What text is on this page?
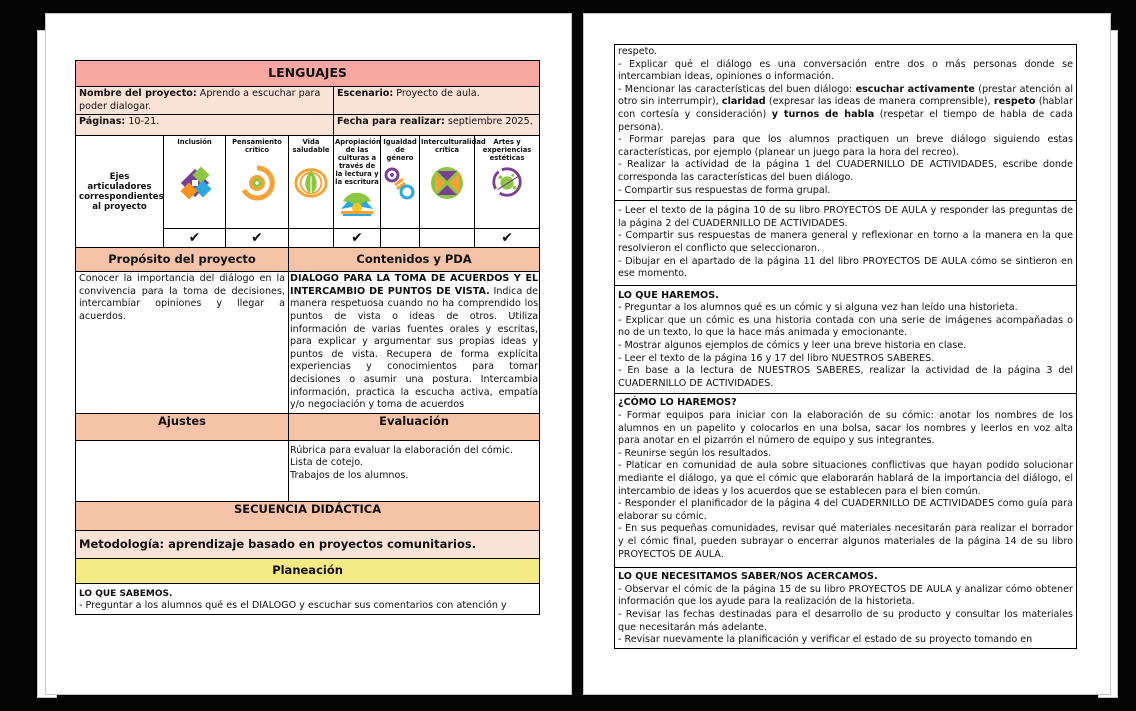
LENGUAJES							
Nombre del proyecto: Aprendo a escuchar para poder dialogar.				Escenario: Proyecto de aula.			
Páginas: 10-21.				Fecha para realizar: septiembre 2025.			
Ejes articuladores correspondientes al proyecto	Inclusión	Pensamiento crítico	Vida saludable	Apropiación de las culturas a través de la lectura y la escritura	Igualdad de género	Interculturalidad crítica	Artes y experiencias estéticas

	✔	✔		✔			✔
Propósito del proyecto			Contenidos y PDA				
Conocer la importancia del diálogo en la convivencia para la toma de decisiones, intercambiar opiniones y llegar a acuerdos.			DIALOGO PARA LA TOMA DE ACUERDOS Y EL INTERCAMBIO DE PUNTOS DE VISTA. Indica de manera respetuosa cuando no ha comprendido los puntos de vista o ideas de otros. Utiliza información de varias fuentes orales y escritas, para explicar y argumentar sus propias ideas y puntos de vista. Recupera de forma explícita experiencias y conocimientos para tomar decisiones o asumir una postura. Intercambia información, practica la escucha activa, empatía y/o negociación y toma de acuerdos				
Ajustes			Evaluación				

			Rúbrica para evaluar la elaboración del cómic.
Lista de cotejo.
Trabajos de los alumnos.				

SECUENCIA DIDÁCTICA							
Metodología: aprendizaje basado en proyectos comunitarios.							
Planeación							

LO QUE SABEMOS.
- Preguntar a los alumnos qué es el DIÁLOGO y escuchar sus comentarios con atención y							
respeto.
- Explicar qué el diálogo es una conversación entre dos o más personas donde se intercambian ideas, opiniones o información.
- Mencionar las características del buen diálogo: escuchar activamente (prestar atención al otro sin interrumpir), claridad (expresar las ideas de manera comprensible), respeto (hablar con cortesía y consideración) y turnos de habla (respetar el tiempo de habla de cada persona).
- Formar parejas para que los alumnos practiquen un breve diálogo siguiendo estas características, por ejemplo (planear un juego para la hora del recreo).
- Realizar la actividad de la página 1 del CUADERNILLO DE ACTIVIDADES, escribe donde corresponda las características del buen diálogo.
- Compartir sus respuestas de forma grupal.
- Leer el texto de la página 10 de su libro PROYECTOS DE AULA y responder las preguntas de la página 2 del CUADERNILLO DE ACTIVIDADES.
- Compartir sus respuestas de manera general y reflexionar en torno a la manera en la que resolvieron el conflicto que seleccionaron.
- Dibujar en el apartado de la página 11 del libro PROYECTOS DE AULA cómo se sintieron en ese momento.
LO QUE HAREMOS.
- Preguntar a los alumnos qué es un cómic y si alguna vez han leído una historieta.
- Explicar que un cómic es una historia contada con una serie de imágenes acompañadas o no de un texto, lo que la hace más animada y emocionante.
- Mostrar algunos ejemplos de cómics y leer una breve historia en clase.
- Leer el texto de la página 16 y 17 del libro NUESTROS SABERES.
- En base a la lectura de NUESTROS SABERES, realizar la actividad de la página 3 del CUADERNILLO DE ACTIVIDADES.
¿CÓMO LO HAREMOS?
- Formar equipos para iniciar con la elaboración de su cómic: anotar los nombres de los alumnos en un papelito y colocarlos en una bolsa, sacar los nombres y leerlos en voz alta para anotar en el pizarrón el número de equipo y sus integrantes.
- Reunirse según los resultados.
- Platicar en comunidad de aula sobre situaciones conflictivas que hayan podido solucionar mediante el diálogo, ya que el cómic que elaborarán hablará de la importancia del diálogo, el intercambio de ideas y los acuerdos que se establecen para el bien común.
- Responder el planificador de la página 4 del CUADERNILLO DE ACTIVIDADES como guía para elaborar su cómic.
- En sus pequeñas comunidades, revisar qué materiales necesitarán para realizar el borrador y el cómic final, pueden subrayar o encerrar algunos materiales de la página 14 de su libro PROYECTOS DE AULA.
LO QUE NECESITAMOS SABER/NOS ACERCAMOS.
- Observar el cómic de la página 15 de su libro PROYECTOS DE AULA y analizar cómo obtener información que los ayude para la realización de la historieta.
- Revisar las fechas destinadas para el desarrollo de su producto y consultar los materiales que necesitarán más adelante.
- Revisar nuevamente la planificación y verificar el estado de su proyecto tomando en
